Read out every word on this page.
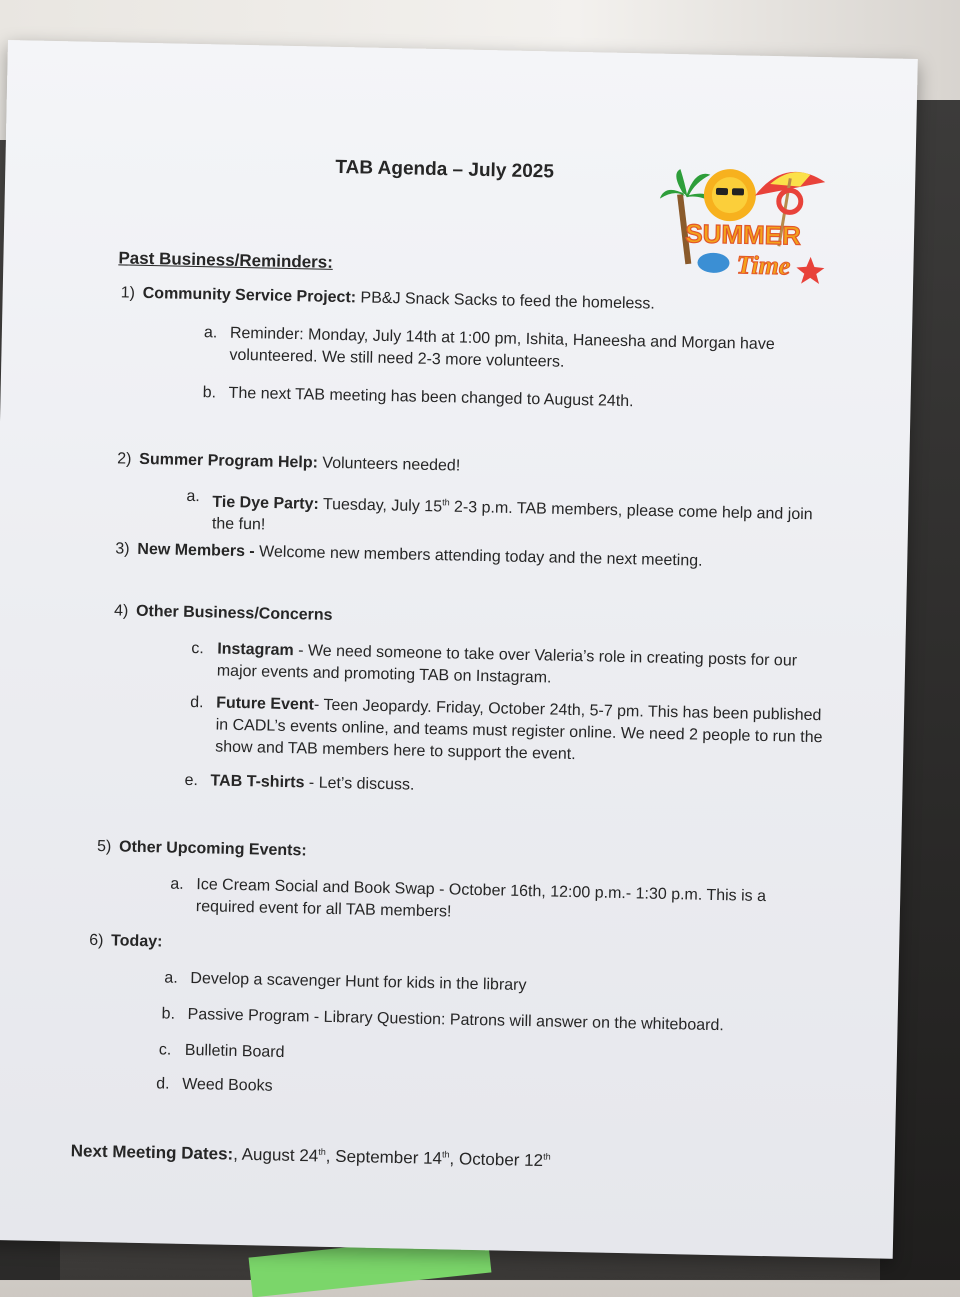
TAB Agenda – July 2025
SUMMER
Time
Past Business/Reminders:
1) Community Service Project: PB&J Snack Sacks to feed the homeless.
a. Reminder: Monday, July 14th at 1:00 pm, Ishita, Haneesha and Morgan have volunteered. We still need 2-3 more volunteers.
b. The next TAB meeting has been changed to August 24th.
2) Summer Program Help: Volunteers needed!
a. Tie Dye Party: Tuesday, July 15th 2-3 p.m. TAB members, please come help and join the fun!
3) New Members - Welcome new members attending today and the next meeting.
4) Other Business/Concerns
c. Instagram - We need someone to take over Valeria’s role in creating posts for our major events and promoting TAB on Instagram.
d. Future Event- Teen Jeopardy. Friday, October 24th, 5-7 pm. This has been published in CADL’s events online, and teams must register online. We need 2 people to run the show and TAB members here to support the event.
e. TAB T-shirts - Let’s discuss.
5) Other Upcoming Events:
a. Ice Cream Social and Book Swap - October 16th, 12:00 p.m.- 1:30 p.m. This is a required event for all TAB members!
6) Today:
a. Develop a scavenger Hunt for kids in the library
b. Passive Program - Library Question: Patrons will answer on the whiteboard.
c. Bulletin Board
d. Weed Books
Next Meeting Dates:, August 24th, September 14th, October 12th
